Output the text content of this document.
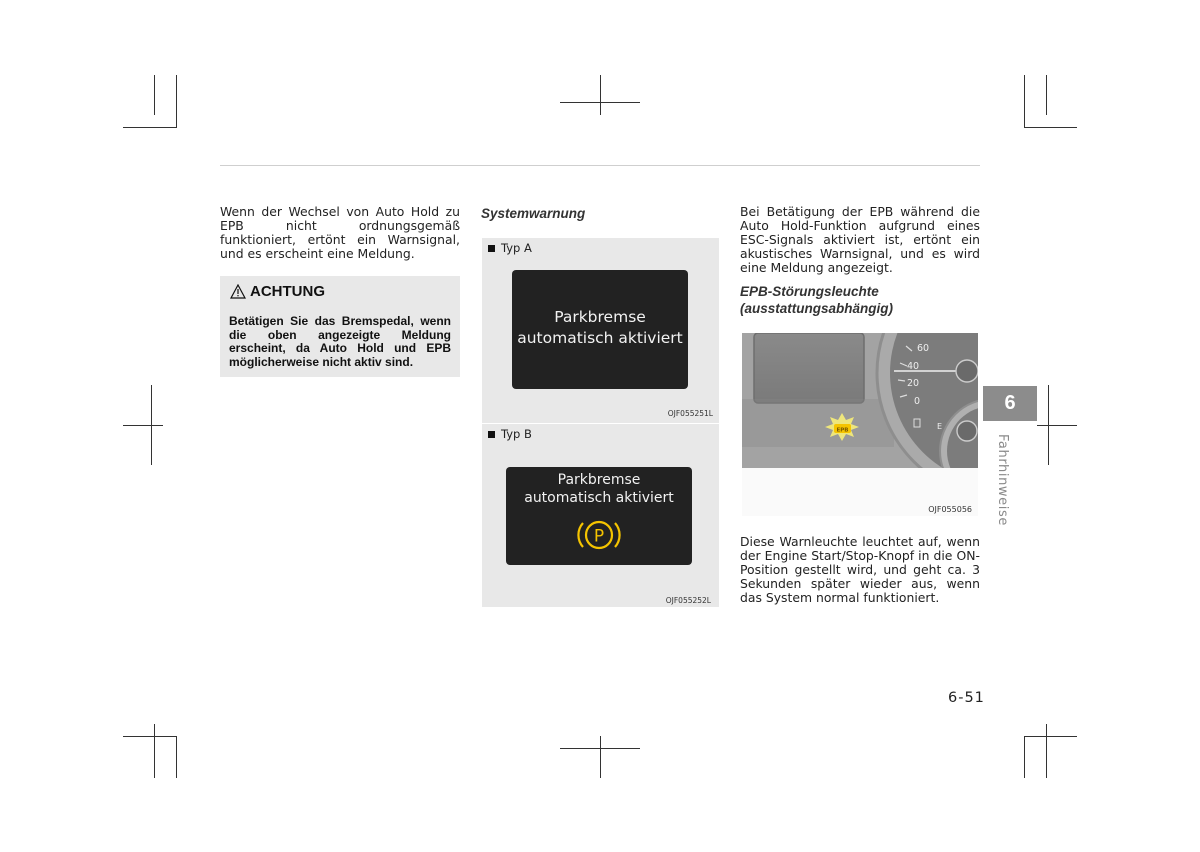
Wenn der Wechsel von Auto Hold zu EPB nicht ordnungsgemäß funktioniert, ertönt ein Warnsignal, und es erscheint eine Meldung.
ACHTUNG
Betätigen Sie das Bremspedal, wenn die oben angezeigte Meldung erscheint, da Auto Hold und EPB möglicherweise nicht aktiv sind.
Systemwarnung
Typ A
Parkbremse
automatisch aktiviert
OJF055251L
Typ B
Parkbremse
automatisch aktiviert
P
OJF055252L
Bei Betätigung der EPB während die Auto Hold-Funktion aufgrund eines ESC-Signals aktiviert ist, ertönt ein akustisches Warnsignal, und es wird eine Meldung angezeigt.
EPB-Störungsleuchte
(ausstattungsabhängig)
60
40
20
0
E
EPB
OJF055056
Diese Warnleuchte leuchtet auf, wenn der Engine Start/Stop-Knopf in die ON-Position gestellt wird, und geht ca. 3 Sekunden später wieder aus, wenn das System normal funktioniert.
6
Fahrhinweise
6-51
